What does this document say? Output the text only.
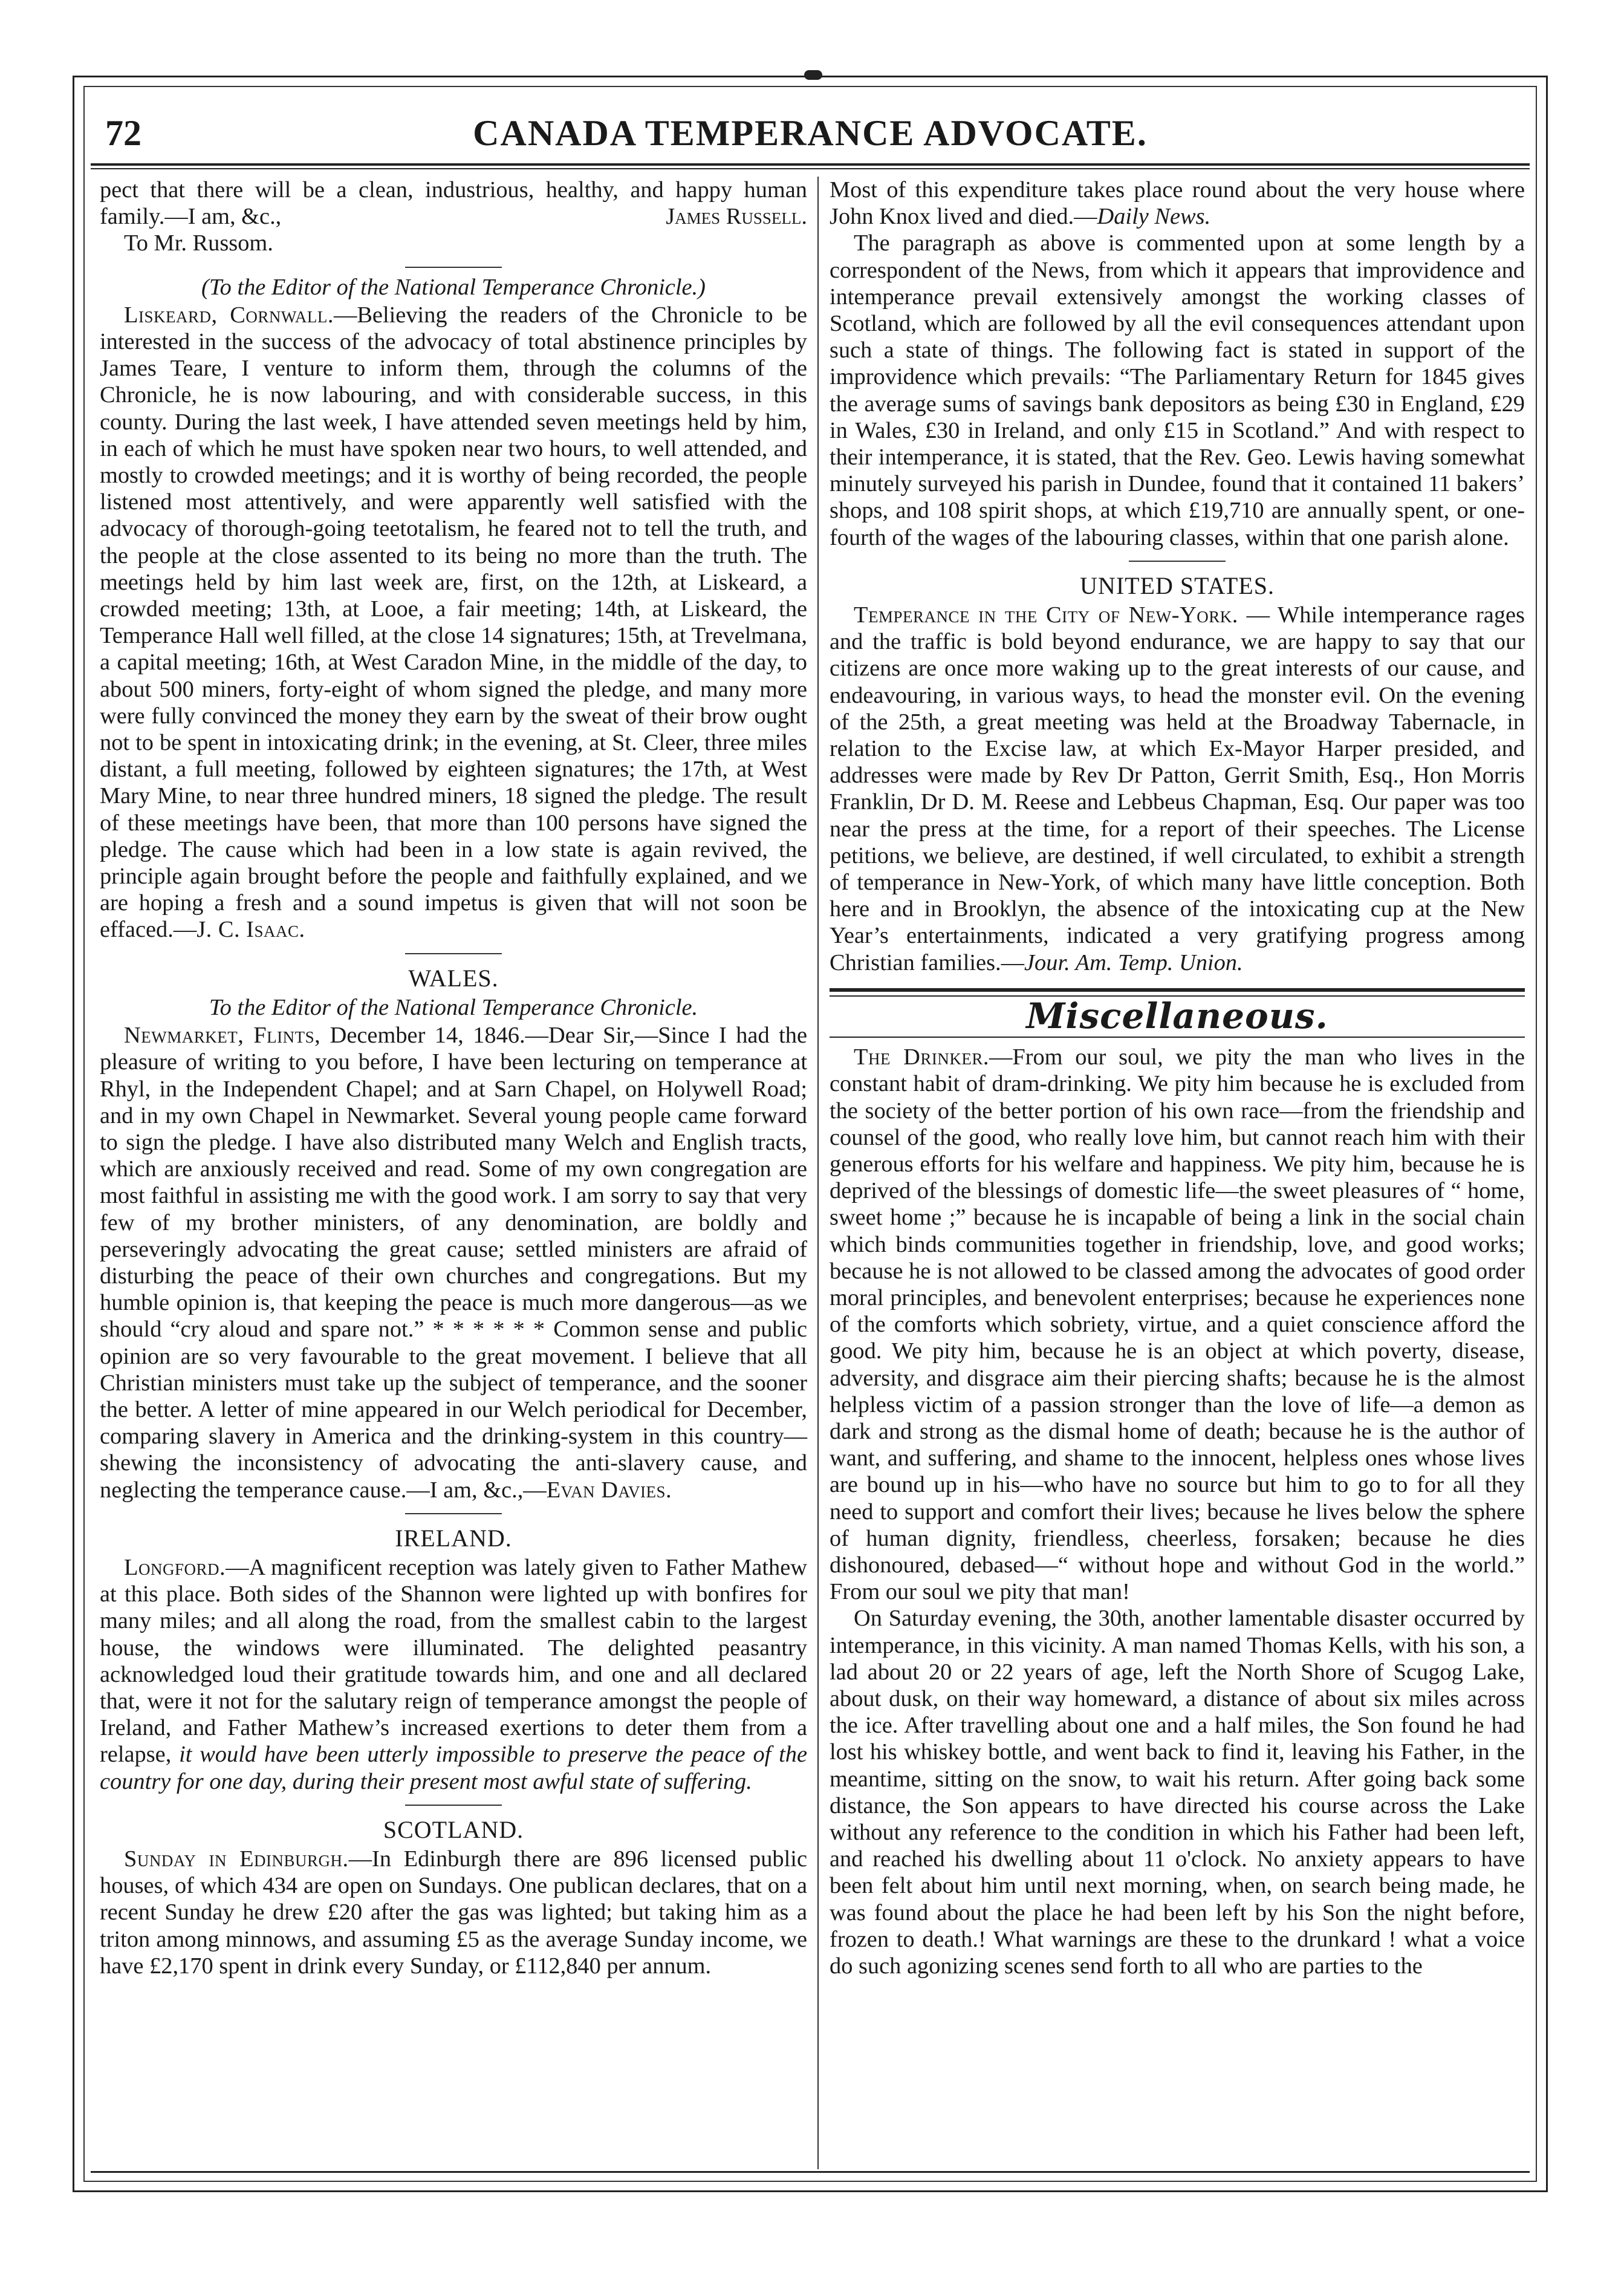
72	CANADA TEMPERANCE ADVOCATE.

pect that there will be a clean, industrious, healthy, and happy human family.—I am, &c.,	James Russell.

To Mr. Russom.

(To the Editor of the National Temperance Chronicle.)

Liskeard, Cornwall.—Believing the readers of the Chronicle to be interested in the success of the advocacy of total abstinence principles by James Teare, I venture to inform them, through the columns of the Chronicle, he is now labouring, and with considerable success, in this county. During the last week, I have attended seven meetings held by him, in each of which he must have spoken near two hours, to well attended, and mostly to crowded meetings; and it is worthy of being recorded, the people listened most attentively, and were apparently well satisfied with the advocacy of thorough-going teetotalism, he feared not to tell the truth, and the people at the close assented to its being no more than the truth. The meetings held by him last week are, first, on the 12th, at Liskeard, a crowded meeting; 13th, at Looe, a fair meeting; 14th, at Liskeard, the Temperance Hall well filled, at the close 14 signatures; 15th, at Trevelmana, a capital meeting; 16th, at West Caradon Mine, in the middle of the day, to about 500 miners, forty-eight of whom signed the pledge, and many more were fully convinced the money they earn by the sweat of their brow ought not to be spent in intoxicating drink; in the evening, at St. Cleer, three miles distant, a full meeting, followed by eighteen signatures; the 17th, at West Mary Mine, to near three hundred miners, 18 signed the pledge. The result of these meetings have been, that more than 100 persons have signed the pledge. The cause which had been in a low state is again revived, the principle again brought before the people and faithfully explained, and we are hoping a fresh and a sound impetus is given that will not soon be effaced.—J. C. Isaac.

WALES.
To the Editor of the National Temperance Chronicle.

Newmarket, Flints, December 14, 1846.—Dear Sir,—Since I had the pleasure of writing to you before, I have been lecturing on temperance at Rhyl, in the Independent Chapel; and at Sarn Chapel, on Holywell Road; and in my own Chapel in Newmarket. Several young people came forward to sign the pledge. I have also distributed many Welch and English tracts, which are anxiously received and read. Some of my own congregation are most faithful in assisting me with the good work. I am sorry to say that very few of my brother ministers, of any denomination, are boldly and perseveringly advocating the great cause; settled ministers are afraid of disturbing the peace of their own churches and congregations. But my humble opinion is, that keeping the peace is much more dangerous—as we should “cry aloud and spare not.” * * * * * * Common sense and public opinion are so very favourable to the great movement. I believe that all Christian ministers must take up the subject of temperance, and the sooner the better. A letter of mine appeared in our Welch periodical for December, comparing slavery in America and the drinking-system in this country—shewing the inconsistency of advocating the anti-slavery cause, and neglecting the temperance cause.—I am, &c.,—Evan Davies.

IRELAND.

Longford.—A magnificent reception was lately given to Father Mathew at this place. Both sides of the Shannon were lighted up with bonfires for many miles; and all along the road, from the smallest cabin to the largest house, the windows were illuminated. The delighted peasantry acknowledged loud their gratitude towards him, and one and all declared that, were it not for the salutary reign of temperance amongst the people of Ireland, and Father Mathew’s increased exertions to deter them from a relapse, it would have been utterly impossible to preserve the peace of the country for one day, during their present most awful state of suffering.

SCOTLAND.

Sunday in Edinburgh.—In Edinburgh there are 896 licensed public houses, of which 434 are open on Sundays. One publican declares, that on a recent Sunday he drew £20 after the gas was lighted; but taking him as a triton among minnows, and assuming £5 as the average Sunday income, we have £2,170 spent in drink every Sunday, or £112,840 per annum.

Most of this expenditure takes place round about the very house where John Knox lived and died.—Daily News.

The paragraph as above is commented upon at some length by a correspondent of the News, from which it appears that improvidence and intemperance prevail extensively amongst the working classes of Scotland, which are followed by all the evil consequences attendant upon such a state of things. The following fact is stated in support of the improvidence which prevails: “The Parliamentary Return for 1845 gives the average sums of savings bank depositors as being £30 in England, £29 in Wales, £30 in Ireland, and only £15 in Scotland.” And with respect to their intemperance, it is stated, that the Rev. Geo. Lewis having somewhat minutely surveyed his parish in Dundee, found that it contained 11 bakers’ shops, and 108 spirit shops, at which £19,710 are annually spent, or one-fourth of the wages of the labouring classes, within that one parish alone.

UNITED STATES.

Temperance in the City of New-York. — While intemperance rages and the traffic is bold beyond endurance, we are happy to say that our citizens are once more waking up to the great interests of our cause, and endeavouring, in various ways, to head the monster evil. On the evening of the 25th, a great meeting was held at the Broadway Tabernacle, in relation to the Excise law, at which Ex-Mayor Harper presided, and addresses were made by Rev Dr Patton, Gerrit Smith, Esq., Hon Morris Franklin, Dr D. M. Reese and Lebbeus Chapman, Esq. Our paper was too near the press at the time, for a report of their speeches. The License petitions, we believe, are destined, if well circulated, to exhibit a strength of temperance in New-York, of which many have little conception. Both here and in Brooklyn, the absence of the intoxicating cup at the New Year’s entertainments, indicated a very gratifying progress among Christian families.—Jour. Am. Temp. Union.

Miscellaneous.

The Drinker.—From our soul, we pity the man who lives in the constant habit of dram-drinking. We pity him because he is excluded from the society of the better portion of his own race—from the friendship and counsel of the good, who really love him, but cannot reach him with their generous efforts for his welfare and happiness. We pity him, because he is deprived of the blessings of domestic life—the sweet pleasures of “ home, sweet home ;” because he is incapable of being a link in the social chain which binds communities together in friendship, love, and good works; because he is not allowed to be classed among the advocates of good order moral principles, and benevolent enterprises; because he experiences none of the comforts which sobriety, virtue, and a quiet conscience afford the good. We pity him, because he is an object at which poverty, disease, adversity, and disgrace aim their piercing shafts; because he is the almost helpless victim of a passion stronger than the love of life—a demon as dark and strong as the dismal home of death; because he is the author of want, and suffering, and shame to the innocent, helpless ones whose lives are bound up in his—who have no source but him to go to for all they need to support and comfort their lives; because he lives below the sphere of human dignity, friendless, cheerless, forsaken; because he dies dishonoured, debased—“ without hope and without God in the world.” From our soul we pity that man!

On Saturday evening, the 30th, another lamentable disaster occurred by intemperance, in this vicinity. A man named Thomas Kells, with his son, a lad about 20 or 22 years of age, left the North Shore of Scugog Lake, about dusk, on their way homeward, a distance of about six miles across the ice. After travelling about one and a half miles, the Son found he had lost his whiskey bottle, and went back to find it, leaving his Father, in the meantime, sitting on the snow, to wait his return. After going back some distance, the Son appears to have directed his course across the Lake without any reference to the condition in which his Father had been left, and reached his dwelling about 11 o'clock. No anxiety appears to have been felt about him until next morning, when, on search being made, he was found about the place he had been left by his Son the night before, frozen to death.! What warnings are these to the drunkard ! what a voice do such agonizing scenes send forth to all who are parties to the
